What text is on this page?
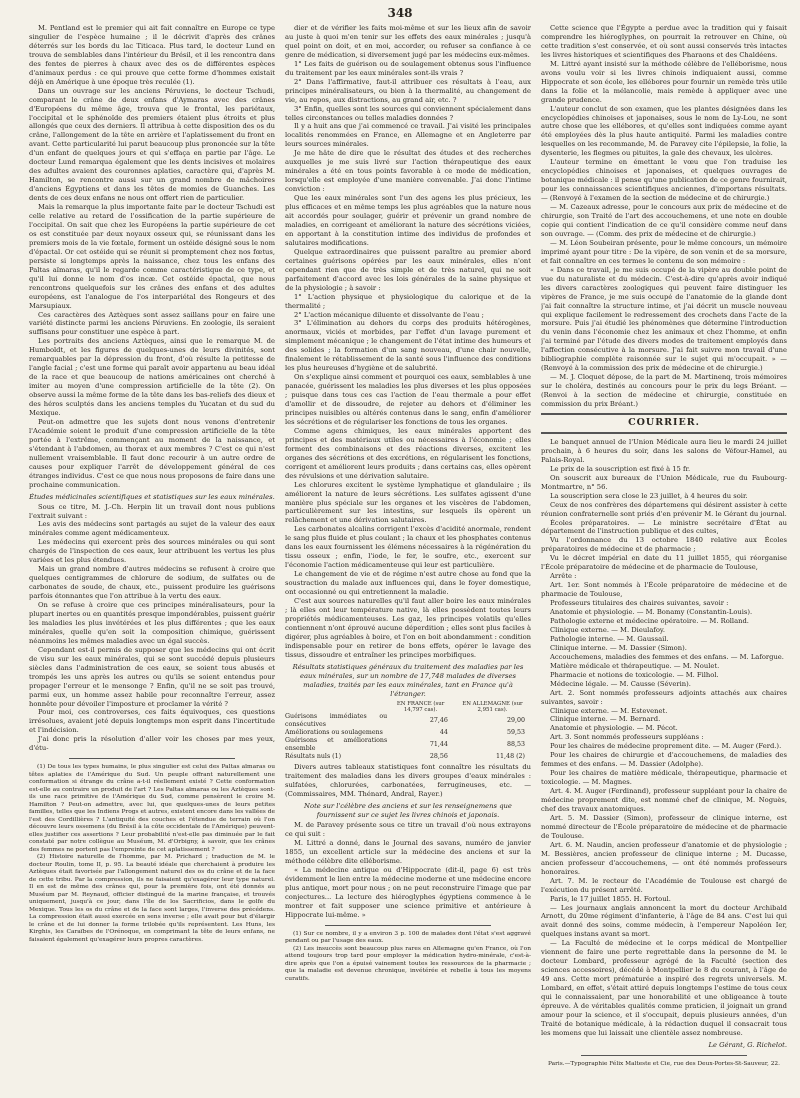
348

M. Pentland est le premier qui ait fait connaître en Europe ce type singulier de l'espèce humaine ; il le décrivit d'après des crânes déterrés sur les bords du lac Titicaca. Plus tard, le docteur Lund en trouva de semblables dans l'intérieur du Brésil, et il les rencontra dans des fentes de pierres à chaux avec des os de différentes espèces d'animaux perdus : ce qui prouve que cette forme d'hommes existait déjà en Amérique à une époque très reculée (1).

Dans un ouvrage sur les anciens Péruviens, le docteur Tschudi, comparant le crâne de deux enfans d'Aymaras avec des crânes d'Européens du même âge, trouva que le frontal, les pariétaux, l'occipital et le sphénoïde des premiers étaient plus étroits et plus allongés que ceux des derniers. Il attribua à cette disposition des os du crâne, l'allongement de la tête en arrière et l'aplatissement du front en avant. Cette particularité lui parut beaucoup plus prononcée sur la tête d'un enfant de quelques jours et qui s'effaça en partie par l'âge. Le docteur Lund remarqua également que les dents incisives et molaires des adultes avaient des couronnes aplaties, caractère qui, d'après M. Hamilton, se rencontre aussi sur un grand nombre de mâchoires d'anciens Égyptiens et dans les têtes de momies de Guanches. Les dents de ces deux enfans ne nous ont offert rien de particulier.

Mais la remarque la plus importante faite par le docteur Tschudi est celle relative au retard de l'ossification de la partie supérieure de l'occipital. On sait que chez les Européens la partie supérieure de cet os est constituée par deux noyaux osseux qui, se réunissant dans les premiers mois de la vie fœtale, forment un ostéide désigné sous le nom d'épactal. Or cet ostéide qui se réunit si promptement chez nos fœtus, persiste si longtemps après la naissance, chez tous les enfans des Paltas aïmaras, qu'il le regarde comme caractéristique de ce type, et qu'il lui donne le nom d'os incæ. Cet ostéide épactal, que nous rencontrons quelquefois sur les crânes des enfans et des adultes européens, est l'analogue de l'os interpariétal des Rongeurs et des Marsupiaux.

Ces caractères des Aztèques sont assez saillans pour en faire une variété distincte parmi les anciens Péruviens. En zoologie, ils seraient suffisans pour constituer une espèce à part.

Les portraits des anciens Aztèques, ainsi que le remarque M. de Humboldt, et les figures de quelques-unes de leurs divinités, sont remarquables par la dépression du front, d'où résulte la petitesse de l'angle facial ; c'est une forme qui paraît avoir appartenu au beau idéal de la race et que beaucoup de nations américaines ont cherché à imiter au moyen d'une compression artificielle de la tête (2). On observe aussi la même forme de la tête dans les bas-reliefs des dieux et des héros sculptés dans les anciens temples du Yucatan et du sud du Mexique.

Peut-on admettre que les sujets dont nous venons d'entretenir l'Académie soient le produit d'une compression artificielle de la tête portée à l'extrême, commençant au moment de la naissance, et s'étendant à l'abdomen, au thorax et aux membres ? C'est ce qui n'est nullement vraisemblable. Il faut donc recourir à un autre ordre de causes pour expliquer l'arrêt de développement général de ces étranges individus. C'est ce que nous nous proposons de faire dans une prochaine communication.

Études médicinales scientifiques et statistiques sur les eaux minérales.

Sous ce titre, M. J.-Ch. Herpin lit un travail dont nous publions l'extrait suivant :

Les avis des médecins sont partagés au sujet de la valeur des eaux minérales comme agent médicamenteux.

Les médecins qui exercent près des sources minérales ou qui sont chargés de l'inspection de ces eaux, leur attribuent les vertus les plus variées et les plus étendues.

Mais un grand nombre d'autres médecins se refusent à croire que quelques centigrammes de chlorure de sodium, de sulfates ou de carbonates de soude, de chaux, etc., puissent produire les guérisons parfois étonnantes que l'on attribue à la vertu des eaux.

On se refuse à croire que ces principes minéralisateurs, pour la plupart inertes ou en quantités presque impondérables, puissent guérir les maladies les plus invétérées et les plus différentes ; que les eaux minérales, quelle qu'en soit la composition chimique, guérissent néanmoins les mêmes maladies avec un égal succès.

Cependant est-il permis de supposer que les médecins qui ont écrit de visu sur les eaux minérales, qui se sont succédé depuis plusieurs siècles dans l'administration de ces eaux, se soient tous abusés et trompés les uns après les autres ou qu'ils se soient entendus pour propager l'erreur et le mensonge ? Enfin, qu'il ne se soit pas trouvé, parmi eux, un homme assez habile pour reconnaître l'erreur, assez honnête pour dévoiler l'imposture et proclamer la vérité ?

Pour moi, ces controverses, ces faits équivoques, ces questions irrésolues, avaient jeté depuis longtemps mon esprit dans l'incertitude et l'indécision.

J'ai donc pris la résolution d'aller voir les choses par mes yeux, d'étu-

(1) De tous les types humains, le plus singulier est celui des Paltas aïmaras ou têtes aplaties de l'Amérique du Sud. Un peuple offrant naturellement une conformation si étrange du crâne a-t-il réellement existé ? Cette conformation est-elle au contraire un produit de l'art ? Les Paltas aïmaras ou les Aztèques sont-ils une race primitive de l'Amérique du Sud, comme pensèrent le croire M. Hamilton ? Peut-on admettre, avec lui, que quelques-unes de leurs petites familles, telles que les Indiens Progs et autres, existent encore dans les vallées de l'est des Cordillières ? L'antiquité des couches et l'étendue de terrain où l'on découvre leurs ossemens (du Brésil à la côte occidentale de l'Amérique) peuvent-elles justifier ces assertions ? Leur probabilité n'est-elle pas diminuée par le fait constaté par notre collègue au Muséum, M. d'Orbigny, à savoir, que les crânes des femmes ne portent pas l'empreinte de cet aplatissement ?

(2) Histoire naturelle de l'homme, par M. Prichard ; traduction de M. le docteur Roulin, tome II, p. 95. La beauté idéale que cherchaient à produire les Aztèques était favorisée par l'allongement naturel des os du crâne et de la face de cette tribu. Par la compression, ils ne faisaient qu'exagérer leur type naturel. Il en est de même des crânes qui, pour la première fois, ont été donnés au Muséum par M. Reynaud, officier distingué de la marine française, et trouvés uniquement, jusqu'à ce jour, dans l'île de los Sacrificios, dans le golfe du Mexique. Tous les os du crâne et de la face sont larges, l'inverse des précédens. La compression était aussi exercée en sens inverse ; elle avait pour but d'élargir le crâne et de lui donner la forme trilobée qu'ils représentent. Les Huns, les Kirghis, les Caraïbes de l'Orénoque, en comprimant la tête de leurs enfans, ne faisaient également qu'exagérer leurs propres caractères.

dier et de vérifier les faits moi-même et sur les lieux afin de savoir au juste à quoi m'en tenir sur les effets des eaux minérales ; jusqu'à quel point on doit, et en moi, accorder, ou refuser sa confiance à ce genre de médication, si diversement jugé par les médecins eux-mêmes.

1° Les faits de guérison ou de soulagement obtenus sous l'influence du traitement par les eaux minérales sont-ils vrais ?

2° Dans l'affirmative, faut-il attribuer ces résultats à l'eau, aux principes minéralisateurs, ou bien à la thermalité, au changement de vie, au repos, aux distractions, au grand air, etc. ?

3° Enfin, quelles sont les sources qui conviennent spécialement dans telles circonstances ou telles maladies données ?

Il y a huit ans que j'ai commencé ce travail. J'ai visité les principales localités renommées en France, en Allemagne et en Angleterre par leurs sources minérales.

Je me hâte de dire que le résultat des études et des recherches auxquelles je me suis livré sur l'action thérapeutique des eaux minérales a été en tous points favorable à ce mode de médication, lorsqu'elle est employée d'une manière convenable. J'ai donc l'intime conviction :

Que les eaux minérales sont l'un des agens les plus précieux, les plus efficaces et en même temps les plus agréables que la nature nous ait accordés pour soulager, guérir et prévenir un grand nombre de maladies, en corrigeant et améliorant la nature des sécrétions viciées, en apportant à la constitution intime des individus de profondes et salutaires modifications.

Quelque extraordinaires que puissent paraître au premier abord certaines guérisons opérées par les eaux minérales, elles n'ont cependant rien que de très simple et de très naturel, qui ne soit parfaitement d'accord avec les lois générales de la saine physique et de la physiologie ; à savoir :

1° L'action physique et physiologique du calorique et de la thermalité ;

2° L'action mécanique diluente et dissolvante de l'eau ;

3° L'élimination au dehors du corps des produits hétérogènes, anormaux, viciés et morbides, par l'effet d'un lavage purement et simplement mécanique ; le changement de l'état intime des humeurs et des solides ; la formation d'un sang nouveau, d'une chair nouvelle, finalement le rétablissement de la santé sous l'influence des conditions les plus heureuses d'hygiène et de salubrité.

On s'explique ainsi comment et pourquoi ces eaux, semblables à une panacée, guérissent les maladies les plus diverses et les plus opposées ; puisque dans tous ces cas l'action de l'eau thermale a pour effet d'amollir et de dissoudre, de rejeter au dehors et d'éliminer les principes nuisibles ou altérés contenus dans le sang, enfin d'améliorer les sécrétions et de régulariser les fonctions de tous les organes.

Comme agens chimiques, les eaux minérales apportent des principes et des matériaux utiles ou nécessaires à l'économie ; elles forment des combinaisons et des réactions diverses, excitent les organes des sécrétions et des excrétions, en régularisent les fonctions, corrigent et améliorent leurs produits ; dans certains cas, elles opèrent des révulsions et une dérivation salutaire.

Les chlorures excitent le système lymphatique et glandulaire ; ils améliorent la nature de leurs sécrétions. Les sulfates agissent d'une manière plus spéciale sur les organes et les viscères de l'abdomen, particulièrement sur les intestins, sur lesquels ils opèrent un relâchement et une dérivation salutaires.

Les carbonates alcalins corrigent l'excès d'acidité anormale, rendent le sang plus fluide et plus coulant ; la chaux et les phosphates contenus dans les eaux fournissent les élémens nécessaires à la régénération du tissu osseux ; enfin, l'iode, le fer, le soufre, etc., exercent sur l'économie l'action médicamenteuse qui leur est particulière.

Le changement de vie et de régime n'est autre chose au fond que la soustraction du malade aux influences qui, dans le foyer domestique, ont occasionné ou qui entretiennent la maladie.

C'est aux sources naturelles qu'il faut aller boire les eaux minérales ; là elles ont leur température native, là elles possèdent toutes leurs propriétés médicamenteuses. Les gaz, les principes volatils qu'elles contiennent n'ont éprouvé aucune déperdition ; elles sont plus faciles à digérer, plus agréables à boire, et l'on en boit abondamment : condition indispensable pour en retirer de bons effets, opérer le lavage des tissus, dissoudre et entraîner les principes morbifiques.

Résultats statistiques généraux du traitement des maladies par les eaux minérales, sur un nombre de 17,748 malades de diverses maladies, traités par les eaux minérales, tant en France qu'à l'étranger.
	EN FRANCE (sur 14,797 cas).	EN ALLEMAGNE (sur 2,951 cas).
Guérisons immédiates ou consécutives	27,46	29,00
Améliorations ou soulagemens	44	59,53
Guérisons et améliorations ensemble	71,44	88,53
Résultats nuls (1)	28,56	11,48 (2)

Divers autres tableaux statistiques font connaître les résultats du traitement des maladies dans les divers groupes d'eaux minérales : sulfatées, chlorurées, carbonatées, ferrugineuses, etc. — (Commissaires, MM. Thénard, Andral, Rayer.)

Note sur l'célèbre des anciens et sur les renseignemens que fournissent sur ce sujet les livres chinois et japonais.

M. de Paravey présente sous ce titre un travail d'où nous extrayons ce qui suit :

M. Littré a donné, dans le Journal des savans, numéro de janvier 1855, un excellent article sur la médecine des anciens et sur la méthode célèbre dite elléborisme.

« La médecine antique ou d'Hippocrate (dit-il, page 6) est très évidemment le lien entre la médecine moderne et une médecine encore plus antique, mort pour nous ; on ne peut reconstruire l'image que par conjectures... La lecture des hiéroglyphes égyptiens commence à le montrer et fait supposer une science primitive et antérieure à Hippocrate lui-même. »

(1) Sur ce nombre, il y a environ 3 p. 100 de malades dont l'état s'est aggravé pendant ou par l'usage des eaux.

(2) Les insuccès sont beaucoup plus rares en Allemagne qu'en France, où l'on attend toujours trop tard pour employer la médication hydro-minérale, c'est-à-dire après que l'on a épuisé vainement toutes les ressources de la pharmacie ; que la maladie est devenue chronique, invétérée et rebelle à tous les moyens curatifs.

Cette science que l'Égypte a perdue avec la tradition qui y faisait comprendre les hiéroglyphes, on pourrait la retrouver en Chine, où cette tradition s'est conservée, et où sont aussi conservés très intactes les livres historiques et scientifiques des Pharaons et des Chaldéens.

M. Littré ayant insisté sur la méthode célèbre de l'elléborisme, nous avons voulu voir si les livres chinois indiquaient aussi, comme Hippocrate et son école, les ellébores pour fournir un remède très utile dans la folie et la mélancolie, mais remède à appliquer avec une grande prudence.

L'auteur conclut de son examen, que les plantes désignées dans les encyclopédies chinoises et japonaises, sous le nom de Ly-Lou, ne sont autre chose que les ellébores, et qu'elles sont indiquées comme ayant été employées dès la plus haute antiquité. Parmi les maladies contre lesquelles on les recommande, M. de Paravey cite l'épilepsie, la folie, la dysenterie, les flegmes ou pituites, la gale des chevaux, les ulcères.

L'auteur termine en émettant le vœu que l'on traduise les encyclopédies chinoises et japonaises, et quelques ouvrages de botanique médicale : il pense qu'une publication de ce genre fournirait, pour les connaissances scientifiques anciennes, d'importans résultats. — (Renvoyé à l'examen de la section de médecine et de chirurgie.)

— M. Cazeaux adresse, pour le concours aux prix de médecine et de chirurgie, son Traité de l'art des accouchemens, et une note en double copie qui contient l'indication de ce qu'il considère comme neuf dans son ouvrage. — (Comm. des prix de médecine et de chirurgie.)

— M. Léon Soubeiran présente, pour le même concours, un mémoire imprimé ayant pour titre : De la vipère, de son venin et de sa morsure, et fait connaître en ces termes le contenu de son mémoire :

« Dans ce travail, je me suis occupé de la vipère au double point de vue du naturaliste et du médecin. C'est-à-dire qu'après avoir indiqué les divers caractères zoologiques qui peuvent faire distinguer les vipères de France, je me suis occupé de l'anatomie de la glande dont j'ai fait connaître la structure intime, et j'ai décrit un muscle nouveau qui explique facilement le redressement des crochets dans l'acte de la morsure. Puis j'ai étudié les phénomènes que détermine l'introduction du venin dans l'économie chez les animaux et chez l'homme, et enfin j'ai terminé par l'étude des divers modes de traitement employés dans l'affection consécutive à la morsure. J'ai fait suivre mon travail d'une bibliographie complète raisonnée sur le sujet qui m'occupait. » — (Renvoyé à la commission des prix de médecine et de chirurgie.)

— M. J. Cloquet dépose, de la part de M. Martinenq, trois mémoires sur le choléra, destinés au concours pour le prix du legs Bréant. — (Renvoi à la section de médecine et chirurgie, constituée en commission du prix Bréant.)

COURRIER.

Le banquet annuel de l'Union Médicale aura lieu le mardi 24 juillet prochain, à 6 heures du soir, dans les salons de Véfour-Hamel, au Palais-Royal.

Le prix de la souscription est fixé à 15 fr.

On souscrit aux bureaux de l'Union Médicale, rue du Faubourg-Montmartre, n° 56.

La souscription sera close le 23 juillet, à 4 heures du soir.

Ceux de nos confrères des départemens qui désirent assister à cette réunion confraternelle sont priés d'en prévenir M. le Gérant du journal.

Écoles préparatoires. — Le ministre secrétaire d'État au département de l'instruction publique et des cultes,

Vu l'ordonnance du 13 octobre 1840 relative aux Écoles préparatoires de médecine et de pharmacie ;

Vu le décret impérial en date du 11 juillet 1855, qui réorganise l'École préparatoire de médecine et de pharmacie de Toulouse,

Arrête :

Art. 1er. Sont nommés à l'École préparatoire de médecine et de pharmacie de Toulouse,

Professeurs titulaires des chaires suivantes, savoir :

Anatomie et physiologie. — M. Bonamy (Constantin-Louis).

Pathologie externe et médecine opératoire. — M. Rolland.

Clinique externe. — M. Dieulafoy.

Pathologie interne. — M. Gaussail.

Clinique interne. — M. Dassier (Simon).

Accouchemens, maladies des femmes et des enfans. — M. Laforgue.

Matière médicale et thérapeutique. — M. Noulet.

Pharmacie et notions de toxicologie. — M. Filhol.

Médecine légale. — M. Causse (Séverin).

Art. 2. Sont nommés professeurs adjoints attachés aux chaires suivantes, savoir :

Clinique externe. — M. Estevenet.

Clinique interne. — M. Bernard.

Anatomie et physiologie. — M. Pécot.

Art. 3. Sont nommés professeurs suppléans :

Pour les chaires de médecine proprement dite. — M. Auger (Ferd.).

Pour les chaires de chirurgie et d'accouchemens, de maladies des femmes et des enfans. — M. Dassier (Adolphe).

Pour les chaires de matière médicale, thérapeutique, pharmacie et toxicologie. — M. Magnes.

Art. 4. M. Auger (Ferdinand), professeur suppléant pour la chaire de médecine proprement dite, est nommé chef de clinique, M. Noguès, chef des travaux anatomiques.

Art. 5. M. Dassier (Simon), professeur de clinique interne, est nommé directeur de l'École préparatoire de médecine et de pharmacie de Toulouse.

Art. 6. M. Naudin, ancien professeur d'anatomie et de physiologie ; M. Bessières, ancien professeur de clinique interne ; M. Ducasse, ancien professeur d'accouchemens, — ont été nommés professeurs honoraires.

Art. 7. M. le recteur de l'Académie de Toulouse est chargé de l'exécution du présent arrêté.

Paris, le 17 juillet 1855. H. Fortoul.

— Les journaux anglais annoncent la mort du docteur Archibald Arnott, du 20me régiment d'infanterie, à l'âge de 84 ans. C'est lui qui avait donné des soins, comme médecin, à l'empereur Napoléon Ier, quelques instans avant sa mort.

— La Faculté de médecine et le corps médical de Montpellier viennent de faire une perte regrettable dans la personne de M. le docteur Lombard, professeur agrégé de la Faculté (section des sciences accessoires), décédé à Montpellier le 8 du courant, à l'âge de 49 ans. Cette mort prématurée a inspiré des regrets universels. M. Lombard, en effet, s'était attiré depuis longtemps l'estime de tous ceux qui le connaissaient, par une honorabilité et une obligeance à toute épreuve. À de véritables qualités comme praticien, il joignait un grand amour pour la science, et il s'occupait, depuis plusieurs années, d'un Traité de botanique médicale, à la rédaction duquel il consacrait tous les momens que lui laissait une clientèle assez nombreuse.

Le Gérant, G. Richelot.
Paris.—Typographie Félix Malteste et Cie, rue des Deux-Portes-St-Sauveur, 22.
